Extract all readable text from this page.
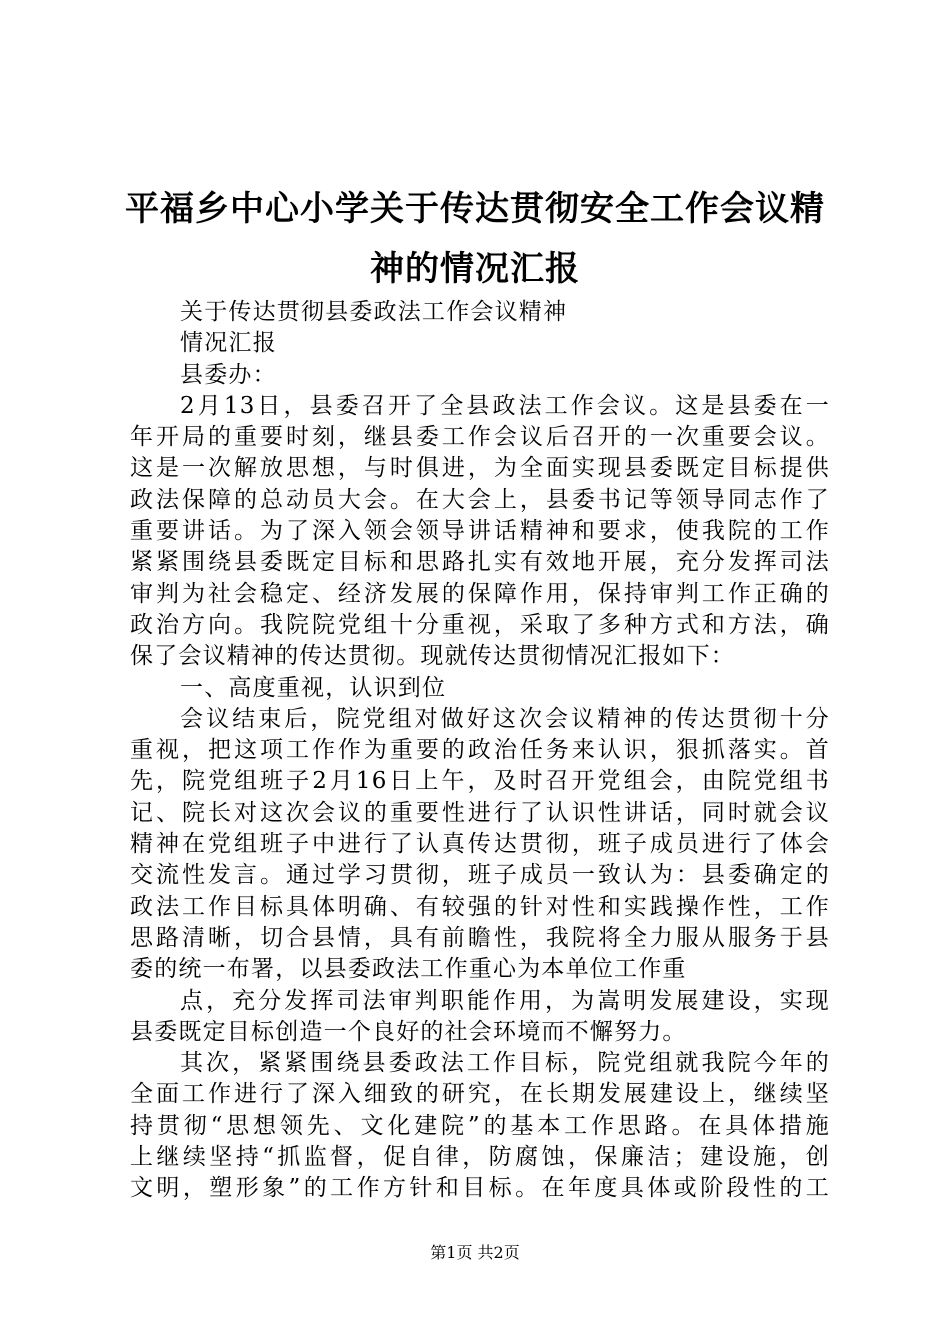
平福乡中心小学关于传达贯彻安全工作会议精
神的情况汇报
关于传达贯彻县委政法工作会议精神
情况汇报
县委办：
2月13日，县委召开了全县政法工作会议。这是县委在一
年开局的重要时刻，继县委工作会议后召开的一次重要会议。
这是一次解放思想，与时俱进，为全面实现县委既定目标提供
政法保障的总动员大会。在大会上，县委书记等领导同志作了
重要讲话。为了深入领会领导讲话精神和要求，使我院的工作
紧紧围绕县委既定目标和思路扎实有效地开展，充分发挥司法
审判为社会稳定、经济发展的保障作用，保持审判工作正确的
政治方向。我院院党组十分重视，采取了多种方式和方法，确
保了会议精神的传达贯彻。现就传达贯彻情况汇报如下：
一、高度重视，认识到位
会议结束后，院党组对做好这次会议精神的传达贯彻十分
重视，把这项工作作为重要的政治任务来认识，狠抓落实。首
先，院党组班子2月16日上午，及时召开党组会，由院党组书
记、院长对这次会议的重要性进行了认识性讲话，同时就会议
精神在党组班子中进行了认真传达贯彻，班子成员进行了体会
交流性发言。通过学习贯彻，班子成员一致认为：县委确定的
政法工作目标具体明确、有较强的针对性和实践操作性，工作
思路清晰，切合县情，具有前瞻性，我院将全力服从服务于县
委的统一布署，以县委政法工作重心为本单位工作重
点，充分发挥司法审判职能作用，为嵩明发展建设，实现
县委既定目标创造一个良好的社会环境而不懈努力。
其次，紧紧围绕县委政法工作目标，院党组就我院今年的
全面工作进行了深入细致的研究，在长期发展建设上，继续坚
持贯彻“思想领先、文化建院”的基本工作思路。在具体措施
上继续坚持“抓监督，促自律，防腐蚀，保廉洁；建设施，创
文明，塑形象”的工作方针和目标。在年度具体或阶段性的工
第1页 共2页
